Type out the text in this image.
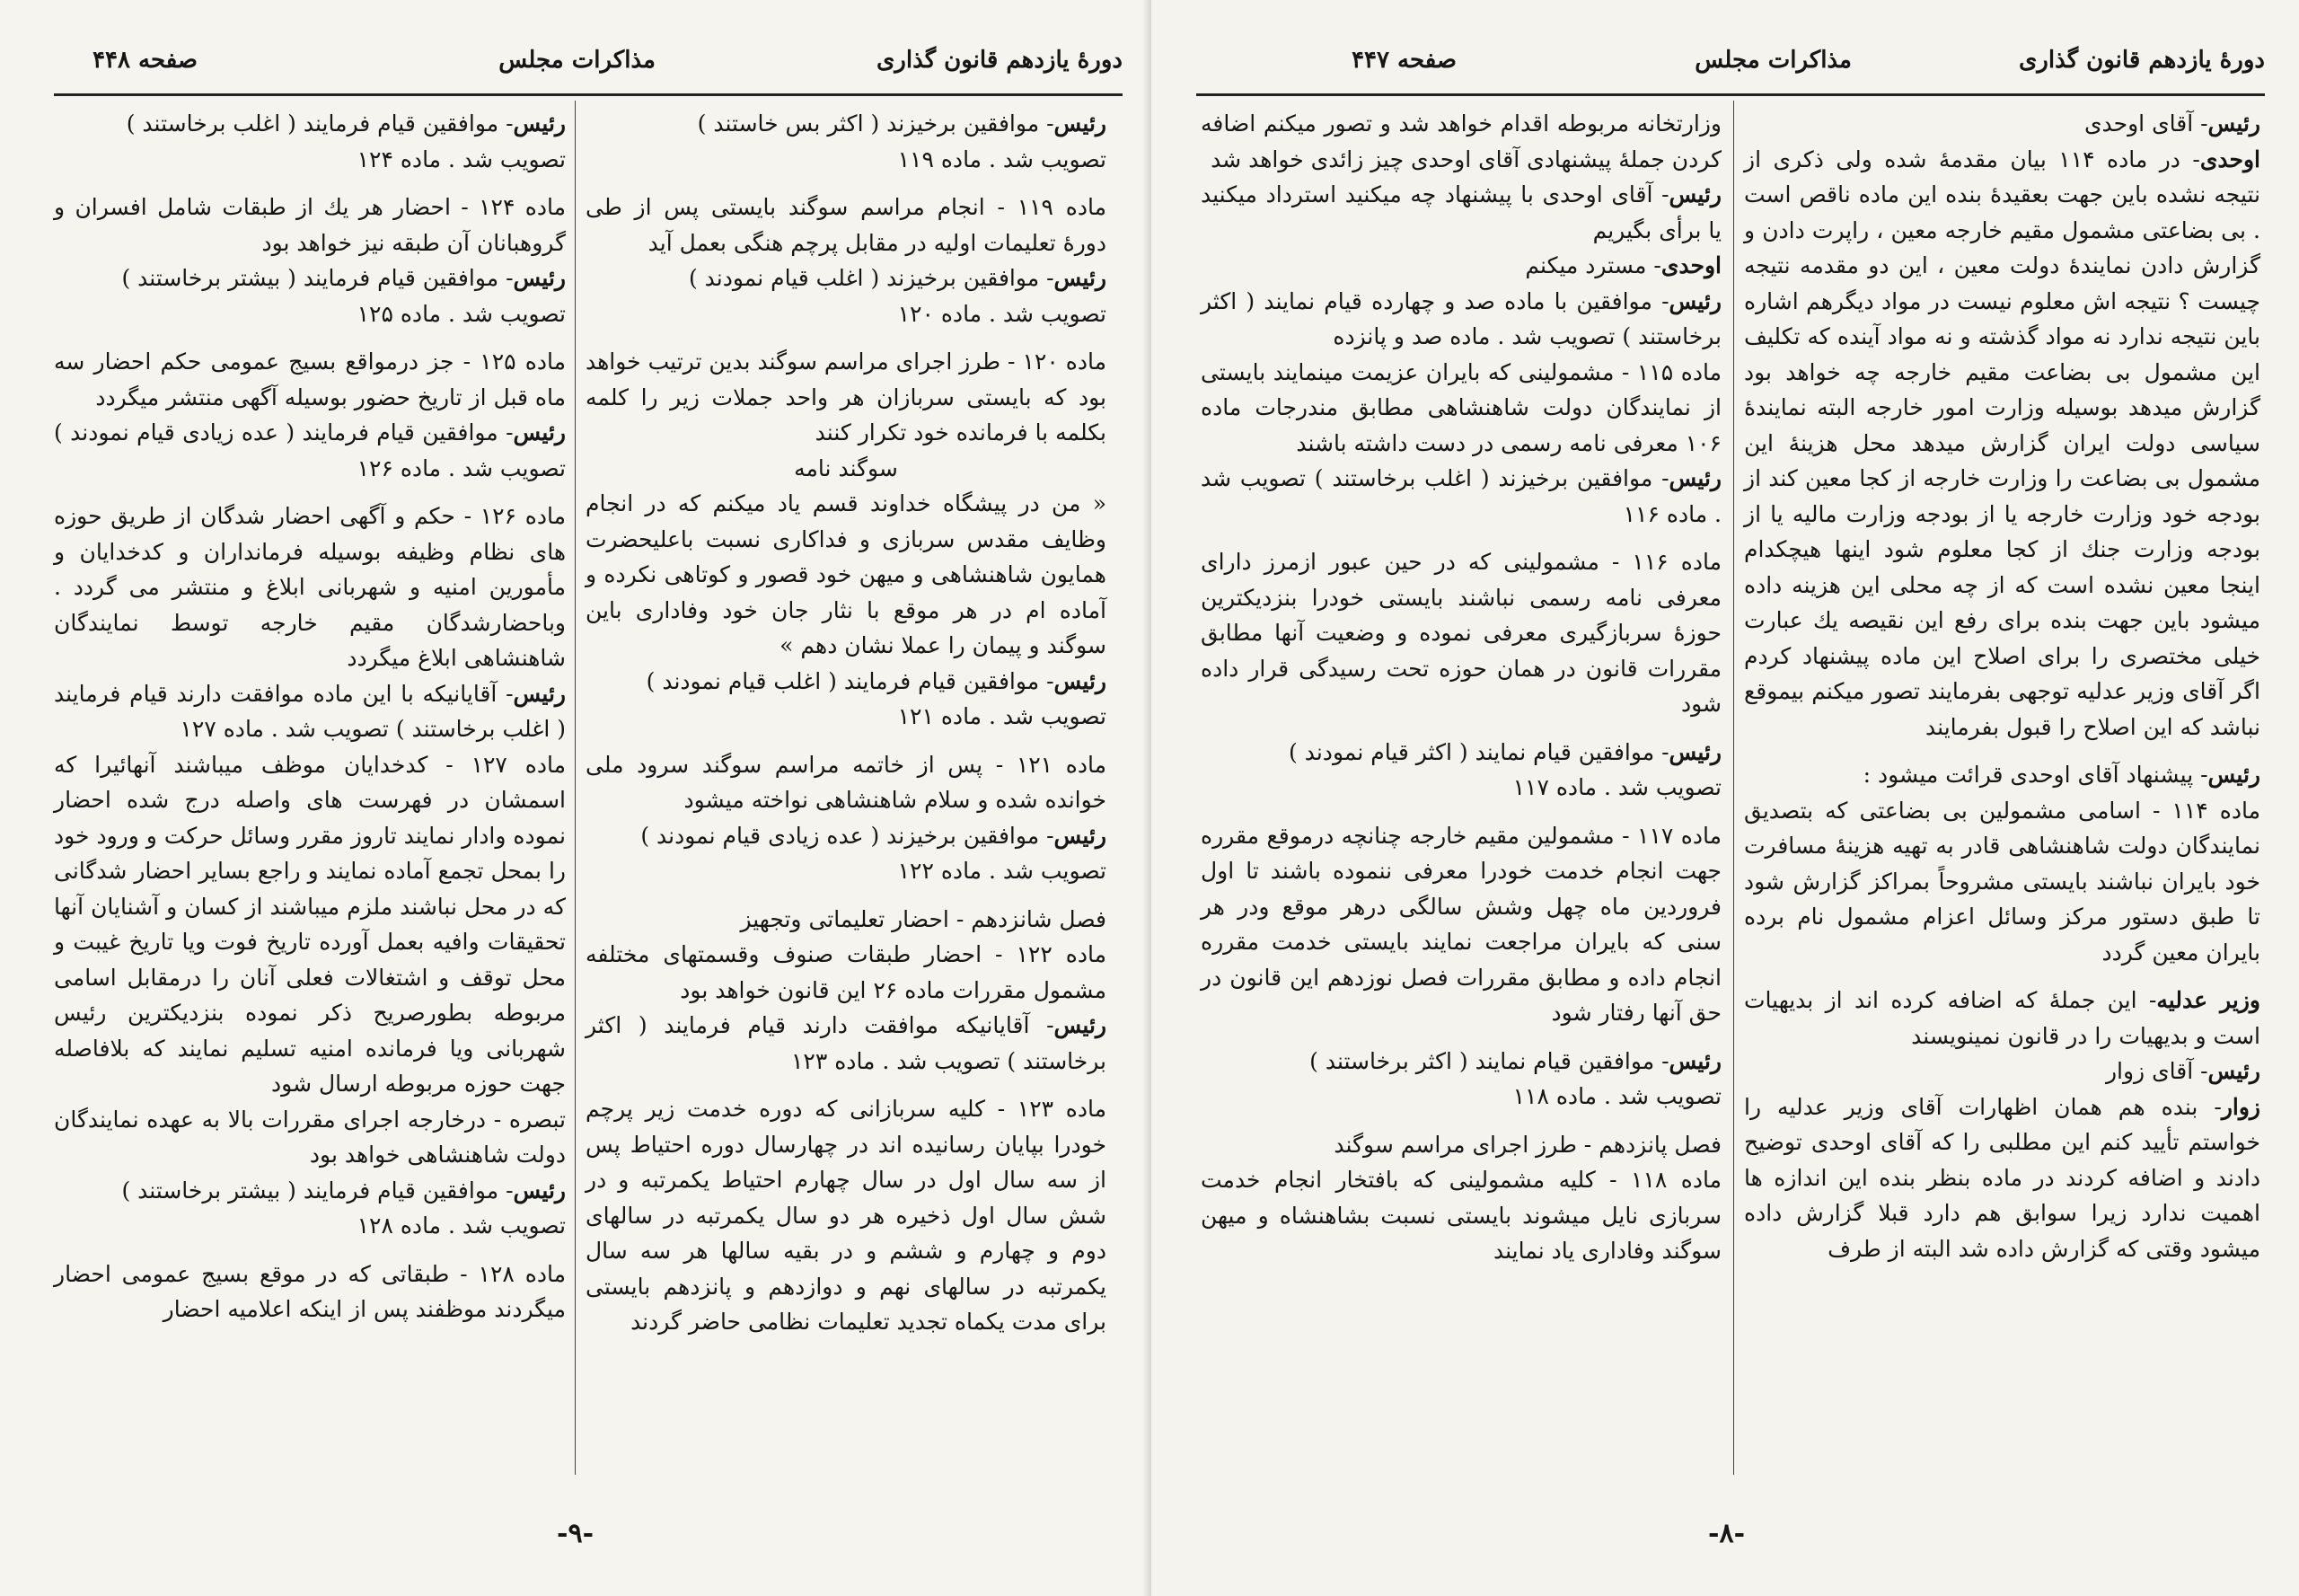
دورهٔ یازدهم قانون گذاری
مذاکرات مجلس
صفحه ۴۴۸

رئیس- موافقین برخیزند ( اکثر بس خاستند )

تصویب شد . ماده ۱۱۹

ماده ۱۱۹ - انجام مراسم سوگند بایستی پس از طی دورهٔ تعلیمات اولیه در مقابل پرچم هنگی بعمل آید

رئیس- موافقین برخیزند ( اغلب قیام نمودند )

تصویب شد . ماده ۱۲۰

ماده ۱۲۰ - طرز اجرای مراسم سوگند بدین ترتیب خواهد بود که بایستی سربازان هر واحد جملات زیر را کلمه بکلمه با فرمانده خود تکرار کنند

سوگند نامه

« من در پیشگاه خداوند قسم یاد میکنم که در انجام وظایف مقدس سربازی و فداکاری نسبت باعلیحضرت همایون شاهنشاهی و میهن خود قصور و کوتاهی نکرده و آماده ام در هر موقع با نثار جان خود وفاداری باین سوگند و پیمان را عملا نشان دهم »

رئیس- موافقین قیام فرمایند ( اغلب قیام نمودند )

تصویب شد . ماده ۱۲۱

ماده ۱۲۱ - پس از خاتمه مراسم سوگند سرود ملی خوانده شده و سلام شاهنشاهی نواخته میشود

رئیس- موافقین برخیزند ( عده زیادی قیام نمودند )

تصویب شد . ماده ۱۲۲

فصل شانزدهم - احضار تعلیماتی وتجهیز

ماده ۱۲۲ - احضار طبقات صنوف وقسمتهای مختلفه مشمول مقررات ماده ۲۶ این قانون خواهد بود

رئیس- آقایانیکه موافقت دارند قیام فرمایند ( اکثر برخاستند ) تصویب شد . ماده ۱۲۳

ماده ۱۲۳ - کلیه سربازانی که دوره خدمت زیر پرچم خودرا بپایان رسانیده اند در چهارسال دوره احتیاط پس از سه سال اول در سال چهارم احتیاط یکمرتبه و در شش سال اول ذخیره هر دو سال یکمرتبه در سالهای دوم و چهارم و ششم و در بقیه سالها هر سه سال یکمرتبه در سالهای نهم و دوازدهم و پانزدهم بایستی برای مدت یکماه تجدید تعلیمات نظامی حاضر گردند

رئیس- موافقین قیام فرمایند ( اغلب برخاستند )

تصویب شد . ماده ۱۲۴

ماده ۱۲۴ - احضار هر یك از طبقات شامل افسران و گروهبانان آن طبقه نیز خواهد بود

رئیس- موافقین قیام فرمایند ( بیشتر برخاستند )

تصویب شد . ماده ۱۲۵

ماده ۱۲۵ - جز درمواقع بسیج عمومی حکم احضار سه ماه قبل از تاریخ حضور بوسیله آگهی منتشر میگردد

رئیس- موافقین قیام فرمایند ( عده زیادی قیام نمودند ) تصویب شد . ماده ۱۲۶

ماده ۱۲۶ - حکم و آگهی احضار شدگان از طریق حوزه های نظام وظیفه بوسیله فرمانداران و کدخدایان و مأمورین امنیه و شهربانی ابلاغ و منتشر می گردد . وباحضارشدگان مقیم خارجه توسط نمایندگان شاهنشاهی ابلاغ میگردد

رئیس- آقایانیکه با این ماده موافقت دارند قیام فرمایند ( اغلب برخاستند ) تصویب شد . ماده ۱۲۷

ماده ۱۲۷ - کدخدایان موظف میباشند آنهائیرا که اسمشان در فهرست های واصله درج شده احضار نموده وادار نمایند تاروز مقرر وسائل حرکت و ورود خود را بمحل تجمع آماده نمایند و راجع بسایر احضار شدگانی که در محل نباشند ملزم میباشند از کسان و آشنایان آنها تحقیقات وافیه بعمل آورده تاریخ فوت ویا تاریخ غیبت و محل توقف و اشتغالات فعلی آنان را درمقابل اسامی مربوطه بطورصریح ذکر نموده بنزدیکترین رئیس شهربانی ویا فرمانده امنیه تسلیم نمایند که بلافاصله جهت حوزه مربوطه ارسال شود

تبصره - درخارجه اجرای مقررات بالا به عهده نمایندگان دولت شاهنشاهی خواهد بود

رئیس- موافقین قیام فرمایند ( بیشتر برخاستند )

تصویب شد . ماده ۱۲۸

ماده ۱۲۸ - طبقاتی که در موقع بسیج عمومی احضار میگردند موظفند پس از اینکه اعلامیه احضار

-۹-
دورهٔ یازدهم قانون گذاری
مذاکرات مجلس
صفحه ۴۴۷

رئیس- آقای اوحدی

اوحدی- در ماده ۱۱۴ بیان مقدمهٔ شده ولی ذکری از نتیجه نشده باین جهت بعقیدهٔ بنده این ماده ناقص است . بی بضاعتی مشمول مقیم خارجه معین ، راپرت دادن و گزارش دادن نمایندهٔ دولت معین ، این دو مقدمه نتیجه چیست ؟ نتیجه اش معلوم نیست در مواد دیگرهم اشاره باین نتیجه ندارد نه مواد گذشته و نه مواد آینده که تکلیف این مشمول بی بضاعت مقیم خارجه چه خواهد بود گزارش میدهد بوسیله وزارت امور خارجه البته نمایندهٔ سیاسی دولت ایران گزارش میدهد محل هزینهٔ این مشمول بی بضاعت را وزارت خارجه از کجا معین کند از بودجه خود وزارت خارجه یا از بودجه وزارت مالیه یا از بودجه وزارت جنك از کجا معلوم شود اینها هیچکدام اینجا معین نشده است که از چه محلی این هزینه داده میشود باین جهت بنده برای رفع این نقیصه یك عبارت خیلی مختصری را برای اصلاح این ماده پیشنهاد کردم اگر آقای وزیر عدلیه توجهی بفرمایند تصور میکنم بیموقع نباشد که این اصلاح را قبول بفرمایند

رئیس- پیشنهاد آقای اوحدی قرائت میشود :

ماده ۱۱۴ - اسامی مشمولین بی بضاعتی که بتصدیق نمایندگان دولت شاهنشاهی قادر به تهیه هزینهٔ مسافرت خود بایران نباشند بایستی مشروحاً بمراکز گزارش شود تا طبق دستور مرکز وسائل اعزام مشمول نام برده بایران معین گردد

وزیر عدلیه- این جملهٔ که اضافه کرده اند از بدیهیات است و بدیهیات را در قانون نمینویسند

رئیس- آقای زوار

زوار- بنده هم همان اظهارات آقای وزیر عدلیه را خواستم تأیید کنم این مطلبی را که آقای اوحدی توضیح دادند و اضافه کردند در ماده بنظر بنده این اندازه ها اهمیت ندارد زیرا سوابق هم دارد قبلا گزارش داده میشود وقتی که گزارش داده شد البته از طرف

وزارتخانه مربوطه اقدام خواهد شد و تصور میکنم اضافه کردن جملهٔ پیشنهادی آقای اوحدی چیز زائدی خواهد شد

رئیس- آقای اوحدی با پیشنهاد چه میکنید استرداد میکنید یا برأی بگیریم

اوحدی- مسترد میکنم

رئیس- موافقین با ماده صد و چهارده قیام نمایند ( اکثر برخاستند ) تصویب شد . ماده صد و پانزده

ماده ۱۱۵ - مشمولینی که بایران عزیمت مینمایند بایستی از نمایندگان دولت شاهنشاهی مطابق مندرجات ماده ۱۰۶ معرفی نامه رسمی در دست داشته باشند

رئیس- موافقین برخیزند ( اغلب برخاستند ) تصویب شد . ماده ۱۱۶

ماده ۱۱۶ - مشمولینی که در حین عبور ازمرز دارای معرفی نامه رسمی نباشند بایستی خودرا بنزدیکترین حوزهٔ سربازگیری معرفی نموده و وضعیت آنها مطابق مقررات قانون در همان حوزه تحت رسیدگی قرار داده شود

رئیس- موافقین قیام نمایند ( اکثر قیام نمودند )

تصویب شد . ماده ۱۱۷

ماده ۱۱۷ - مشمولین مقیم خارجه چنانچه درموقع مقرره جهت انجام خدمت خودرا معرفی ننموده باشند تا اول فروردین ماه چهل وشش سالگی درهر موقع ودر هر سنی که بایران مراجعت نمایند بایستی خدمت مقرره انجام داده و مطابق مقررات فصل نوزدهم این قانون در حق آنها رفتار شود

رئیس- موافقین قیام نمایند ( اکثر برخاستند )

تصویب شد . ماده ۱۱۸

فصل پانزدهم - طرز اجرای مراسم سوگند

ماده ۱۱۸ - کلیه مشمولینی که بافتخار انجام خدمت سربازی نایل میشوند بایستی نسبت بشاهنشاه و میهن سوگند وفاداری یاد نمایند

-۸-
